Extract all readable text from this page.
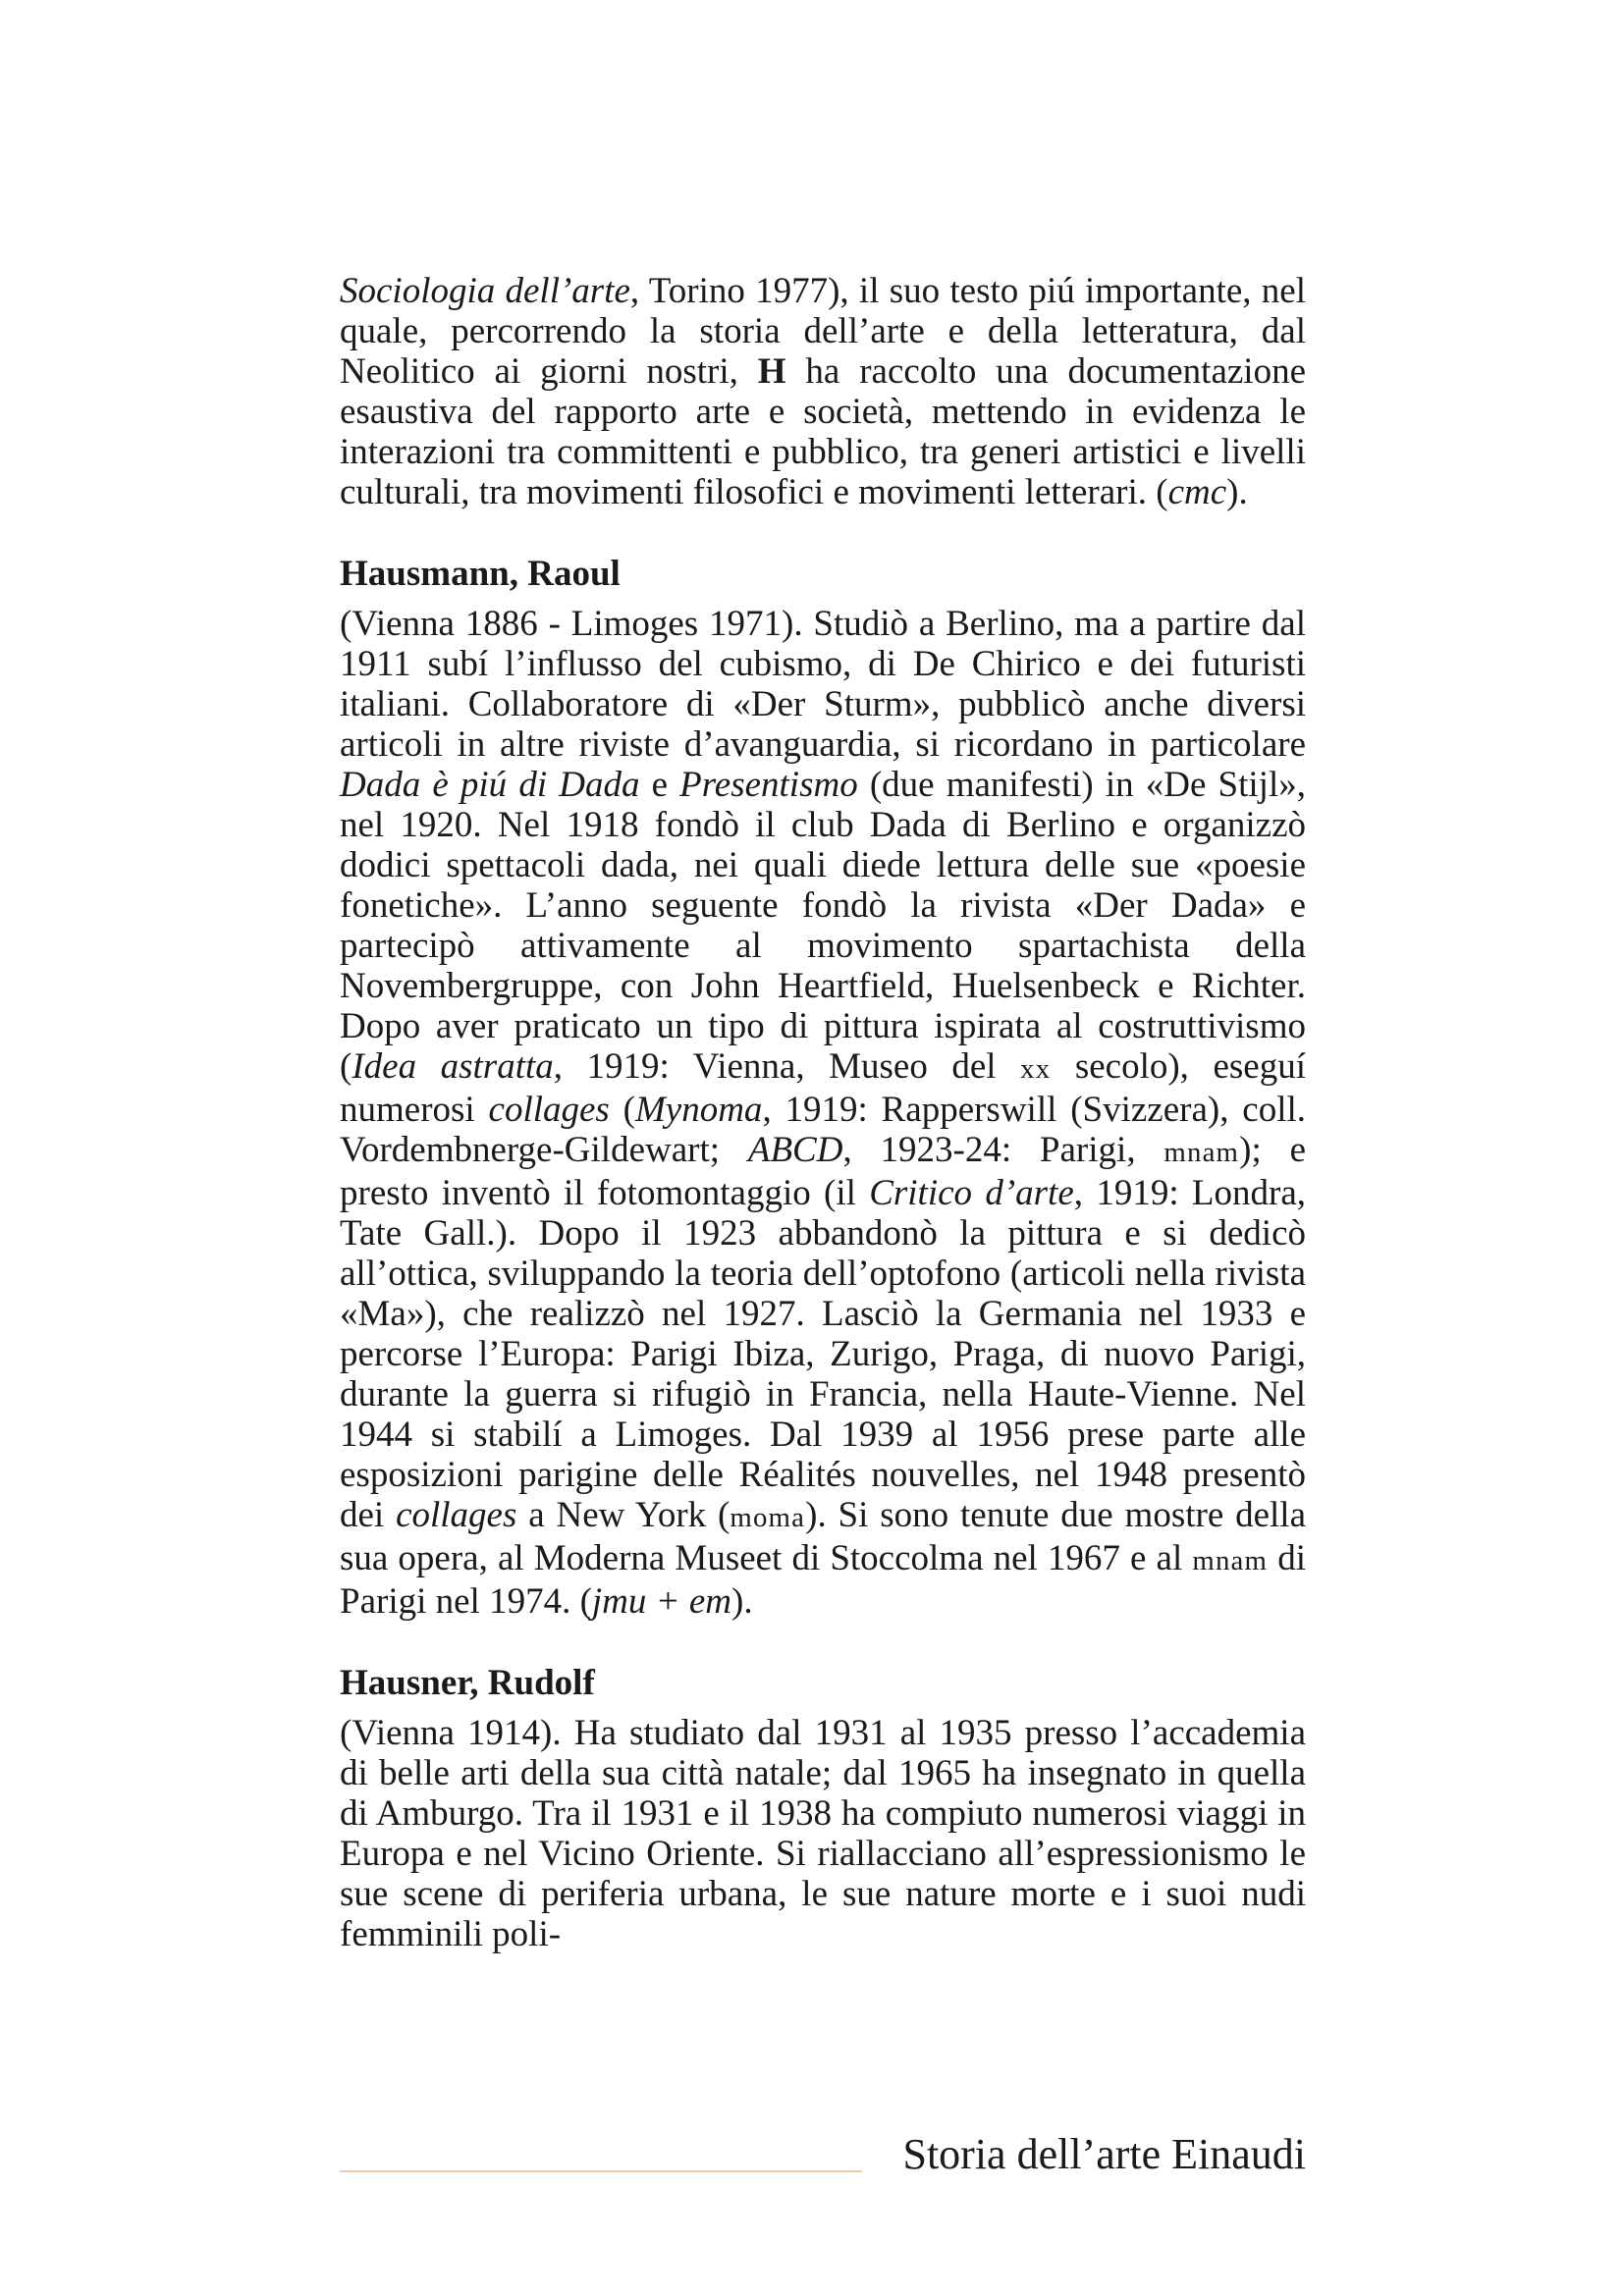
Sociologia dell’arte, Torino 1977), il suo testo piú importante, nel quale, percorrendo la storia dell’arte e della letteratura, dal Neolitico ai giorni nostri, H ha raccolto una documentazione esaustiva del rapporto arte e società, mettendo in evidenza le interazioni tra committenti e pubblico, tra generi artistici e livelli culturali, tra movimenti filosofici e movimenti letterari. (cmc).

Hausmann, Raoul

(Vienna 1886 - Limoges 1971). Studiò a Berlino, ma a partire dal 1911 subí l’influsso del cubismo, di De Chirico e dei futuristi italiani. Collaboratore di «Der Sturm», pubblicò anche diversi articoli in altre riviste d’avanguardia, si ricordano in particolare Dada è piú di Dada e Presentismo (due manifesti) in «De Stijl», nel 1920. Nel 1918 fondò il club Dada di Berlino e organizzò dodici spettacoli dada, nei quali diede lettura delle sue «poesie fonetiche». L’anno seguente fondò la rivista «Der Dada» e partecipò attivamente al movimento spartachista della Novembergruppe, con John Heartfield, Huelsenbeck e Richter. Dopo aver praticato un tipo di pittura ispirata al costruttivismo (Idea astratta, 1919: Vienna, Museo del xx secolo), eseguí numerosi collages (Mynoma, 1919: Rapperswill (Svizzera), coll. Vordembnerge-Gildewart; ABCD, 1923-24: Parigi, mnam); e presto inventò il fotomontaggio (il Critico d’arte, 1919: Londra, Tate Gall.). Dopo il 1923 abbandonò la pittura e si dedicò all’ottica, sviluppando la teoria dell’optofono (articoli nella rivista «Ma»), che realizzò nel 1927. Lasciò la Germania nel 1933 e percorse l’Europa: Parigi Ibiza, Zurigo, Praga, di nuovo Parigi, durante la guerra si rifugiò in Francia, nella Haute-Vienne. Nel 1944 si stabilí a Limoges. Dal 1939 al 1956 prese parte alle esposizioni parigine delle Réalités nouvelles, nel 1948 presentò dei collages a New York (moma). Si sono tenute due mostre della sua opera, al Moderna Museet di Stoccolma nel 1967 e al mnam di Parigi nel 1974. (jmu + em).

Hausner, Rudolf

(Vienna 1914). Ha studiato dal 1931 al 1935 presso l’accademia di belle arti della sua città natale; dal 1965 ha insegnato in quella di Amburgo. Tra il 1931 e il 1938 ha compiuto numerosi viaggi in Europa e nel Vicino Oriente. Si riallacciano all’espressionismo le sue scene di periferia urbana, le sue nature morte e i suoi nudi femminili poli-

Storia dell’arte Einaudi
